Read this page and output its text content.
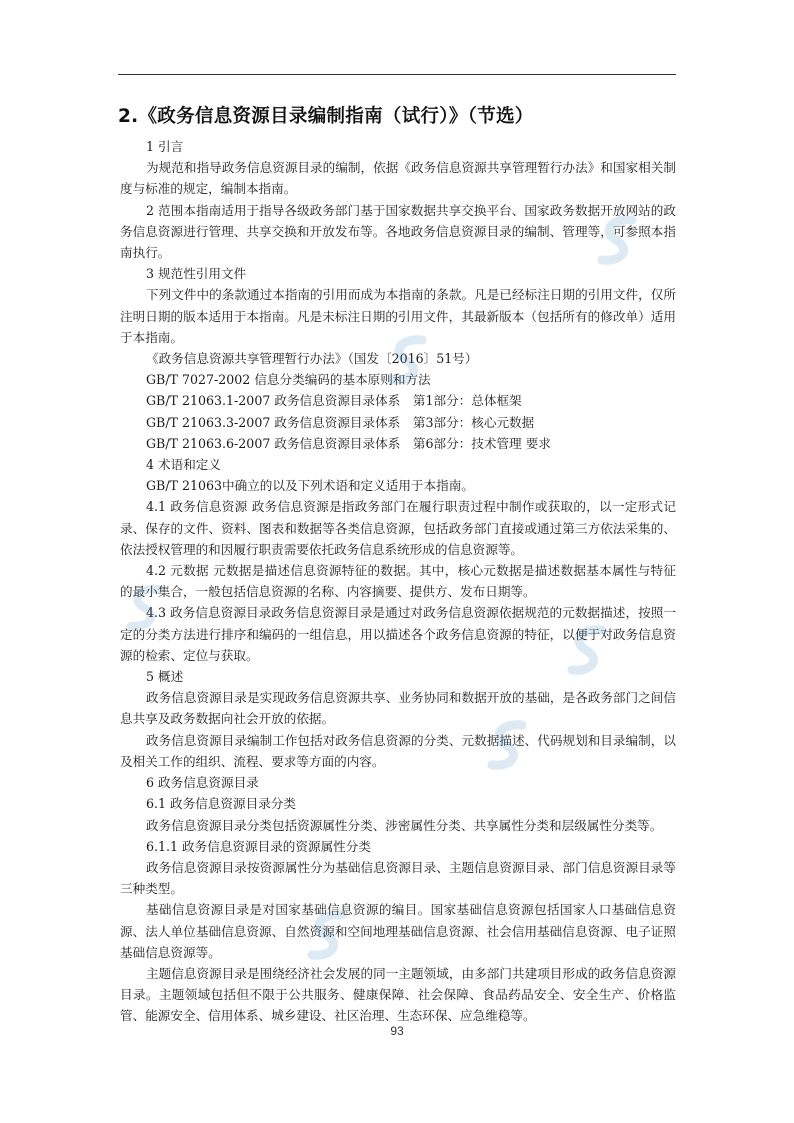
2.《政务信息资源目录编制指南（试行）》（节选）

1 引言

为规范和指导政务信息资源目录的编制，依据《政务信息资源共享管理暂行办法》和国家相关制度与标准的规定，编制本指南。

2 范围本指南适用于指导各级政务部门基于国家数据共享交换平台、国家政务数据开放网站的政务信息资源进行管理、共享交换和开放发布等。各地政务信息资源目录的编制、管理等，可参照本指南执行。

3 规范性引用文件

下列文件中的条款通过本指南的引用而成为本指南的条款。凡是已经标注日期的引用文件，仅所注明日期的版本适用于本指南。凡是未标注日期的引用文件，其最新版本（包括所有的修改单）适用于本指南。

《政务信息资源共享管理暂行办法》（国发〔2016〕51号）

GB/T 7027-2002 信息分类编码的基本原则和方法

GB/T 21063.1-2007 政务信息资源目录体系　第1部分：总体框架

GB/T 21063.3-2007 政务信息资源目录体系　第3部分：核心元数据

GB/T 21063.6-2007 政务信息资源目录体系　第6部分：技术管理 要求

4 术语和定义

GB/T 21063中确立的以及下列术语和定义适用于本指南。

4.1 政务信息资源 政务信息资源是指政务部门在履行职责过程中制作或获取的，以一定形式记录、保存的文件、资料、图表和数据等各类信息资源，包括政务部门直接或通过第三方依法采集的、依法授权管理的和因履行职责需要依托政务信息系统形成的信息资源等。

4.2 元数据 元数据是描述信息资源特征的数据。其中，核心元数据是描述数据基本属性与特征的最小集合，一般包括信息资源的名称、内容摘要、提供方、发布日期等。

4.3 政务信息资源目录政务信息资源目录是通过对政务信息资源依据规范的元数据描述，按照一定的分类方法进行排序和编码的一组信息，用以描述各个政务信息资源的特征，以便于对政务信息资源的检索、定位与获取。

5 概述

政务信息资源目录是实现政务信息资源共享、业务协同和数据开放的基础，是各政务部门之间信息共享及政务数据向社会开放的依据。

政务信息资源目录编制工作包括对政务信息资源的分类、元数据描述、代码规划和目录编制，以及相关工作的组织、流程、要求等方面的内容。

6 政务信息资源目录

6.1 政务信息资源目录分类

政务信息资源目录分类包括资源属性分类、涉密属性分类、共享属性分类和层级属性分类等。

6.1.1 政务信息资源目录的资源属性分类

政务信息资源目录按资源属性分为基础信息资源目录、主题信息资源目录、部门信息资源目录等三种类型。

基础信息资源目录是对国家基础信息资源的编目。国家基础信息资源包括国家人口基础信息资源、法人单位基础信息资源、自然资源和空间地理基础信息资源、社会信用基础信息资源、电子证照基础信息资源等。

主题信息资源目录是围绕经济社会发展的同一主题领域，由多部门共建项目形成的政务信息资源目录。主题领域包括但不限于公共服务、健康保障、社会保障、食品药品安全、安全生产、价格监管、能源安全、信用体系、城乡建设、社区治理、生态环保、应急维稳等。

93
